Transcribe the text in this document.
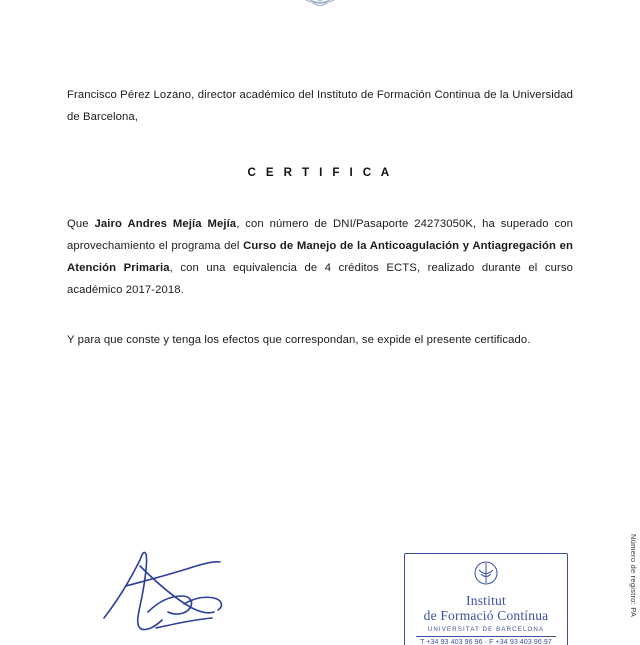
Francisco Pérez Lozano, director académico del Instituto de Formación Continua de la Universidad de Barcelona,

C E R T I F I C A

Que Jairo Andres Mejía Mejía, con número de DNI/Pasaporte 24273050K, ha superado con aprovechamiento el programa del Curso de Manejo de la Anticoagulación y Antiagregación en Atención Primaria, con una equivalencia de 4 créditos ECTS, realizado durante el curso académico 2017-2018.

Y para que conste y tenga los efectos que correspondan, se expide el presente certificado.

Institut
de Formació Contínua
UNIVERSITAT DE BARCELONA
T +34 93 403 96 96 · F +34 93 403 96 97
Número de registro: PA
